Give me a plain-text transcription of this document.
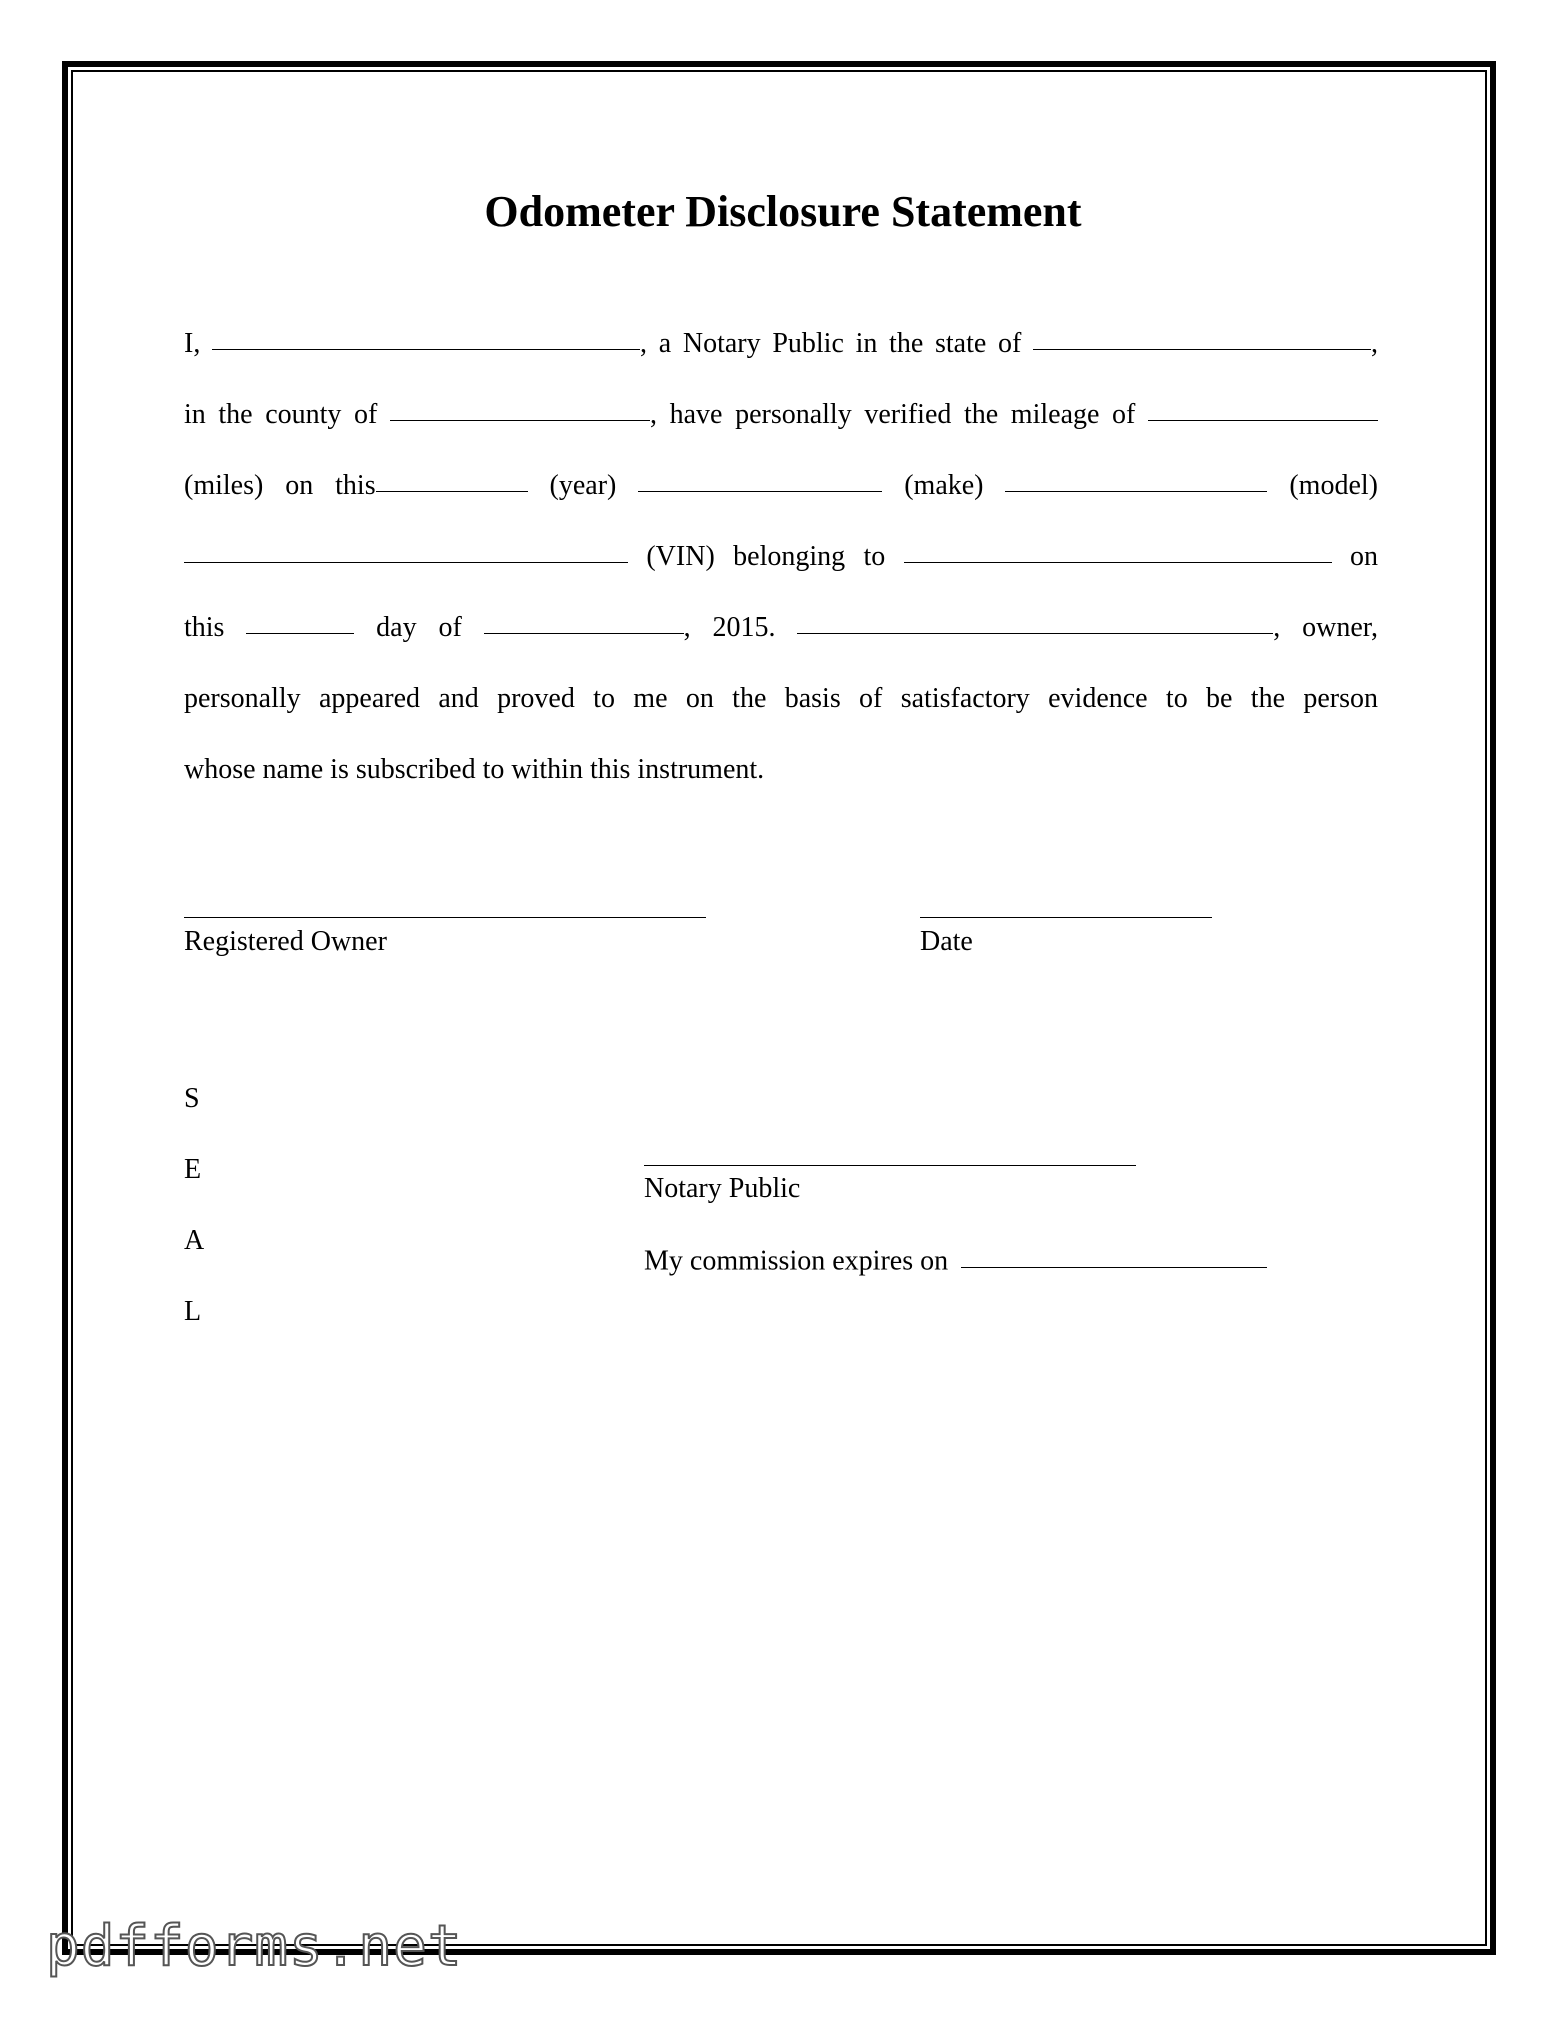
Odometer Disclosure Statement
I,	, a Notary Public in the state of	,
in the county of	, have personally verified the mileage of
(miles) on this	(year)	(make)	(model)
(VIN) belonging to	on
this	day of	, 2015.	, owner,
personally appeared and proved to me on the basis of satisfactory evidence to be the person
whose name is subscribed to within this instrument.
Registered Owner	Date
S
E
A
L
Notary Public
My commission expires on
pdfforms.net
